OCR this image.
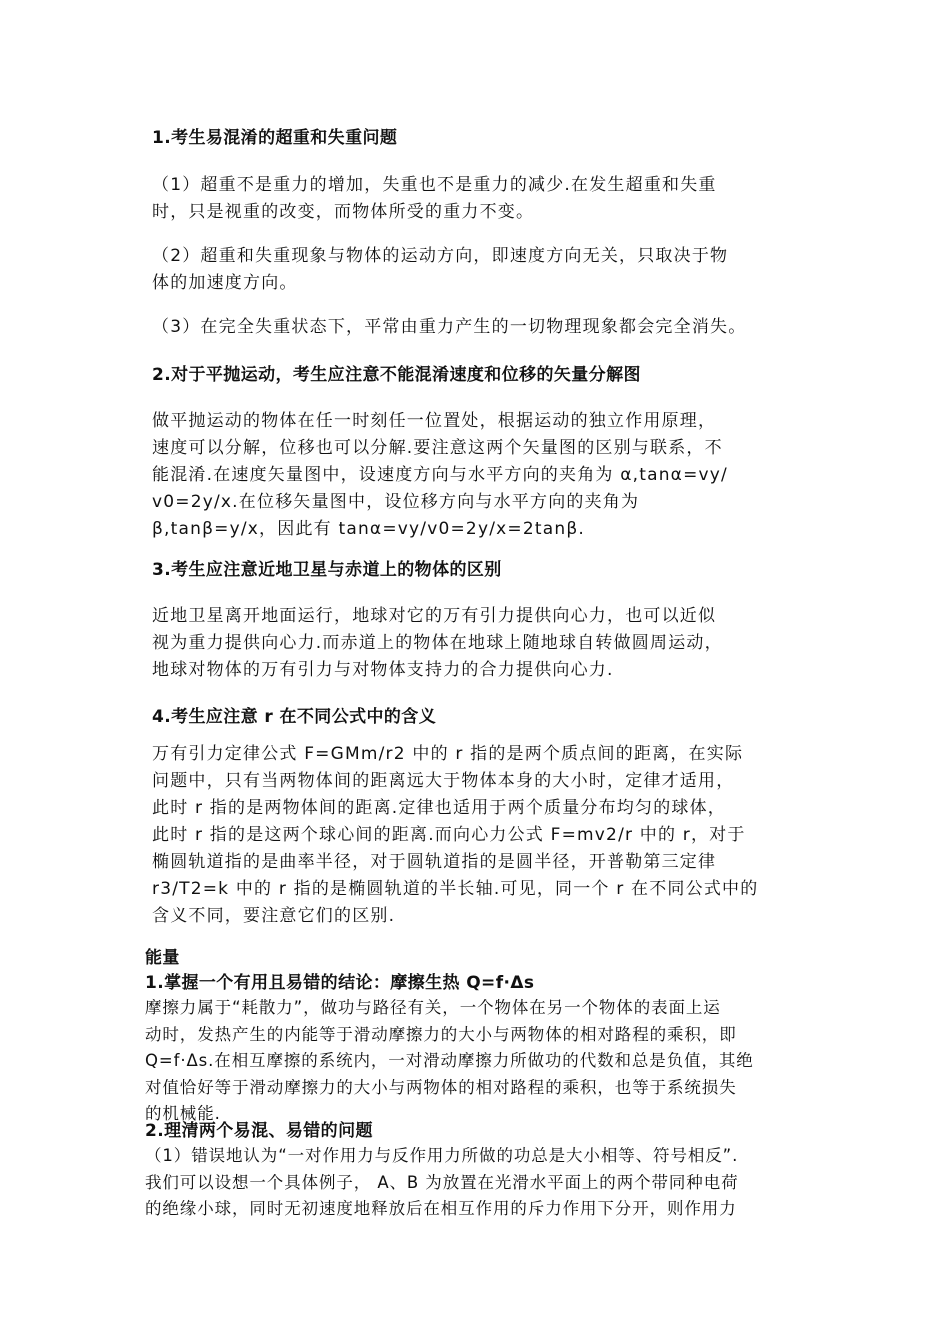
1.考生易混淆的超重和失重问题
（1）超重不是重力的增加，失重也不是重力的减少.在发生超重和失重
时，只是视重的改变，而物体所受的重力不变。
（2）超重和失重现象与物体的运动方向，即速度方向无关，只取决于物
体的加速度方向。
（3）在完全失重状态下，平常由重力产生的一切物理现象都会完全消失。
2.对于平抛运动，考生应注意不能混淆速度和位移的矢量分解图
做平抛运动的物体在任一时刻任一位置处，根据运动的独立作用原理，
速度可以分解，位移也可以分解.要注意这两个矢量图的区别与联系，不
能混淆.在速度矢量图中，设速度方向与水平方向的夹角为 α,tanα=vy/
v0=2y/x.在位移矢量图中，设位移方向与水平方向的夹角为
β,tanβ=y/x，因此有 tanα=vy/v0=2y/x=2tanβ.
3.考生应注意近地卫星与赤道上的物体的区别
近地卫星离开地面运行，地球对它的万有引力提供向心力，也可以近似
视为重力提供向心力.而赤道上的物体在地球上随地球自转做圆周运动，
地球对物体的万有引力与对物体支持力的合力提供向心力.
4.考生应注意 r 在不同公式中的含义
万有引力定律公式 F=GMm/r2 中的 r 指的是两个质点间的距离，在实际
问题中，只有当两物体间的距离远大于物体本身的大小时，定律才适用，
此时 r 指的是两物体间的距离.定律也适用于两个质量分布均匀的球体，
此时 r 指的是这两个球心间的距离.而向心力公式 F=mv2/r 中的 r，对于
椭圆轨道指的是曲率半径，对于圆轨道指的是圆半径，开普勒第三定律
r3/T2=k 中的 r 指的是椭圆轨道的半长轴.可见，同一个 r 在不同公式中的
含义不同，要注意它们的区别.
能量
1.掌握一个有用且易错的结论：摩擦生热 Q=f·Δs
摩擦力属于“耗散力”，做功与路径有关，一个物体在另一个物体的表面上运
动时，发热产生的内能等于滑动摩擦力的大小与两物体的相对路程的乘积，即
Q=f·Δs.在相互摩擦的系统内，一对滑动摩擦力所做功的代数和总是负值，其绝
对值恰好等于滑动摩擦力的大小与两物体的相对路程的乘积，也等于系统损失
的机械能.
2.理清两个易混、易错的问题
（1）错误地认为“一对作用力与反作用力所做的功总是大小相等、符号相反”.
我们可以设想一个具体例子， A、B 为放置在光滑水平面上的两个带同种电荷
的绝缘小球，同时无初速度地释放后在相互作用的斥力作用下分开，则作用力
